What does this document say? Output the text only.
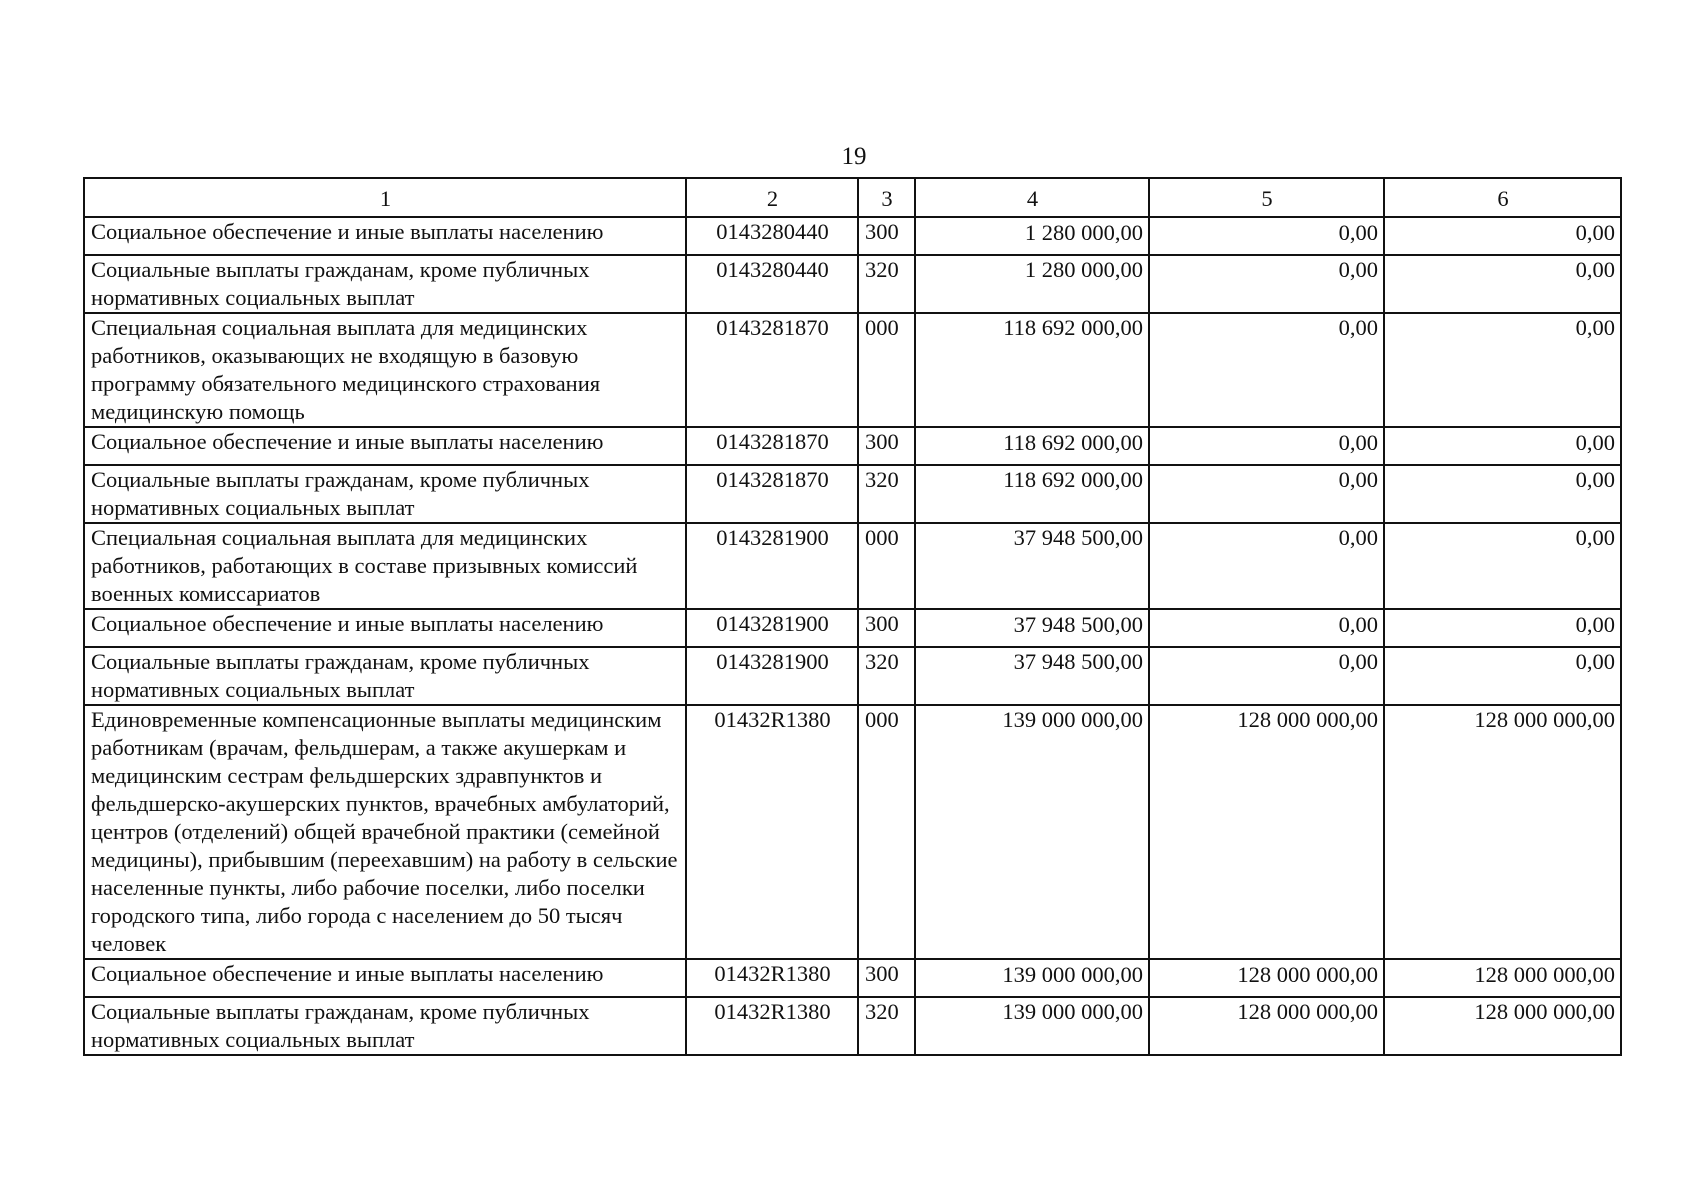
19
1	2	3	4	5	6
Социальное обеспечение и иные выплаты населению	0143280440	300	1 280 000,00	0,00	0,00
Социальные выплаты гражданам, кроме публичных нормативных социальных выплат	0143280440	320	1 280 000,00	0,00	0,00
Специальная социальная выплата для медицинских работников, оказывающих не входящую в базовую программу обязательного медицинского страхования медицинскую помощь	0143281870	000	118 692 000,00	0,00	0,00
Социальное обеспечение и иные выплаты населению	0143281870	300	118 692 000,00	0,00	0,00
Социальные выплаты гражданам, кроме публичных нормативных социальных выплат	0143281870	320	118 692 000,00	0,00	0,00
Специальная социальная выплата для медицинских работников, работающих в составе призывных комиссий военных комиссариатов	0143281900	000	37 948 500,00	0,00	0,00
Социальное обеспечение и иные выплаты населению	0143281900	300	37 948 500,00	0,00	0,00
Социальные выплаты гражданам, кроме публичных нормативных социальных выплат	0143281900	320	37 948 500,00	0,00	0,00
Единовременные компенсационные выплаты медицинским работникам (врачам, фельдшерам, а также акушеркам и медицинским сестрам фельдшерских здравпунктов и фельдшерско-акушерских пунктов, врачебных амбулаторий, центров (отделений) общей врачебной практики (семейной медицины), прибывшим (переехавшим) на работу в сельские населенные пункты, либо рабочие поселки, либо поселки городского типа, либо города с населением до 50 тысяч человек	01432R1380	000	139 000 000,00	128 000 000,00	128 000 000,00
Социальное обеспечение и иные выплаты населению	01432R1380	300	139 000 000,00	128 000 000,00	128 000 000,00
Социальные выплаты гражданам, кроме публичных нормативных социальных выплат	01432R1380	320	139 000 000,00	128 000 000,00	128 000 000,00
